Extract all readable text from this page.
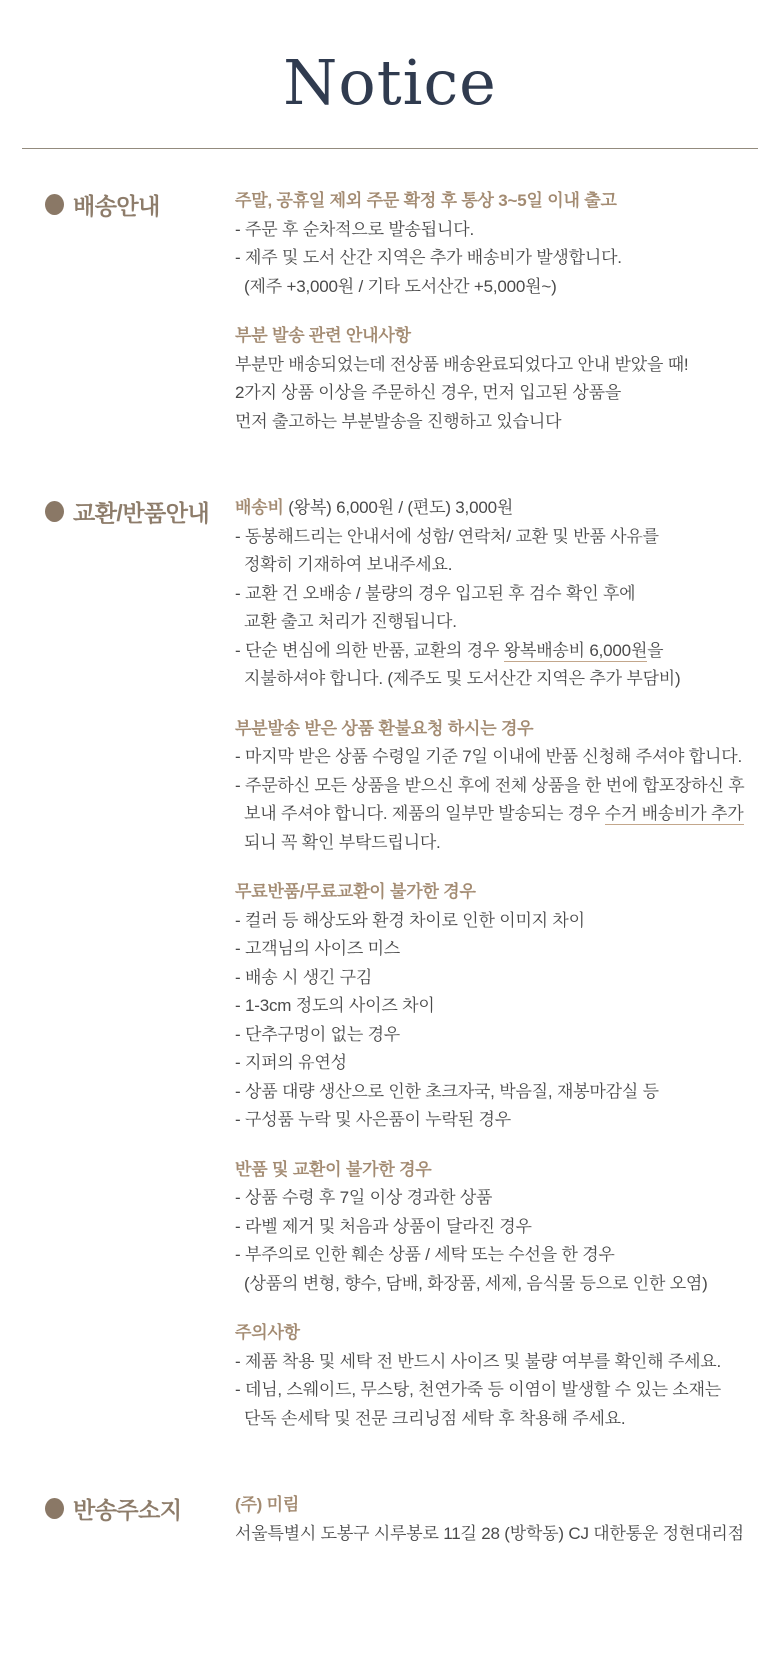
Notice
배송안내	주말, 공휴일 제외 주문 확정 후 통상 3~5일 이내 출고
- 주문 후 순차적으로 발송됩니다.
- 제주 및 도서 산간 지역은 추가 배송비가 발생합니다.
(제주 +3,000원 / 기타 도서산간 +5,000원~)
부분 발송 관련 안내사항
부분만 배송되었는데 전상품 배송완료되었다고 안내 받았을 때!
2가지 상품 이상을 주문하신 경우, 먼저 입고된 상품을
먼저 출고하는 부분발송을 진행하고 있습니다
교환/반품안내 배송비 (왕복) 6,000원 / (편도) 3,000원
- 동봉해드리는 안내서에 성함/ 연락처/ 교환 및 반품 사유를
정확히 기재하여 보내주세요.
- 교환 건 오배송 / 불량의 경우 입고된 후 검수 확인 후에
교환 출고 처리가 진행됩니다.
- 단순 변심에 의한 반품, 교환의 경우 왕복배송비 6,000원을
지불하셔야 합니다. (제주도 및 도서산간 지역은 추가 부담비)
부분발송 받은 상품 환불요청 하시는 경우
- 마지막 받은 상품 수령일 기준 7일 이내에 반품 신청해 주셔야 합니다.
- 주문하신 모든 상품을 받으신 후에 전체 상품을 한 번에 합포장하신 후
보내 주셔야 합니다. 제품의 일부만 발송되는 경우 수거 배송비가 추가
되니 꼭 확인 부탁드립니다.
무료반품/무료교환이 불가한 경우
- 컬러 등 해상도와 환경 차이로 인한 이미지 차이
- 고객님의 사이즈 미스
- 배송 시 생긴 구김
- 1-3cm 정도의 사이즈 차이
- 단추구멍이 없는 경우
- 지퍼의 유연성
- 상품 대량 생산으로 인한 초크자국, 박음질, 재봉마감실 등
- 구성품 누락 및 사은품이 누락된 경우
반품 및 교환이 불가한 경우
- 상품 수령 후 7일 이상 경과한 상품
- 라벨 제거 및 처음과 상품이 달라진 경우
- 부주의로 인한 훼손 상품 / 세탁 또는 수선을 한 경우
(상품의 변형, 향수, 담배, 화장품, 세제, 음식물 등으로 인한 오염)
주의사항
- 제품 착용 및 세탁 전 반드시 사이즈 및 불량 여부를 확인해 주세요.
- 데님, 스웨이드, 무스탕, 천연가죽 등 이염이 발생할 수 있는 소재는
단독 손세탁 및 전문 크리닝점 세탁 후 착용해 주세요.
반송주소지	(주) 미림
서울특별시 도봉구 시루봉로 11길 28 (방학동) CJ 대한통운 정현대리점
